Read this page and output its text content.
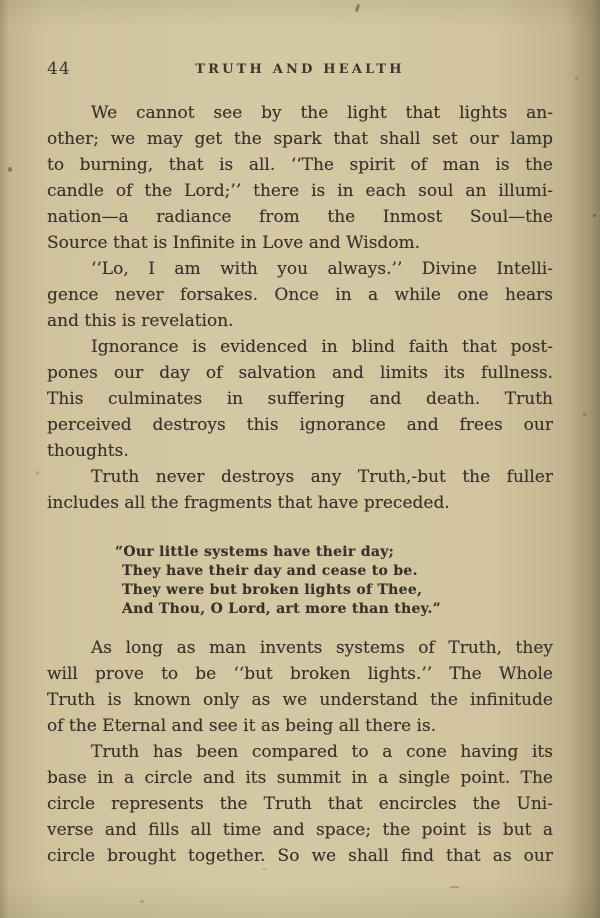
44	TRUTH AND HEALTH
We cannot see by the light that lights an-
other; we may get the spark that shall set our lamp
to burning, that is all. ‘‘The spirit of man is the
candle of the Lord;’’ there is in each soul an illumi-
nation—a radiance from the Inmost Soul—the
Source that is Infinite in Love and Wisdom.
‘‘Lo, I am with you always.’’ Divine Intelli-
gence never forsakes. Once in a while one hears
and this is revelation.
Ignorance is evidenced in blind faith that post-
pones our day of salvation and limits its fullness.
This culminates in suffering and death. Truth
perceived destroys this ignorance and frees our
thoughts.
Truth never destroys any Truth,-but the fuller
includes all the fragments that have preceded.
“Our little systems have their day;
They have their day and cease to be.
They were but broken lights of Thee,
And Thou, O Lord, art more than they.”
As long as man invents systems of Truth, they
will prove to be ‘‘but broken lights.’’ The Whole
Truth is known only as we understand the infinitude
of the Eternal and see it as being all there is.
Truth has been compared to a cone having its
base in a circle and its summit in a single point. The
circle represents the Truth that encircles the Uni-
verse and fills all time and space; the point is but a
circle brought together. So we shall find that as our
